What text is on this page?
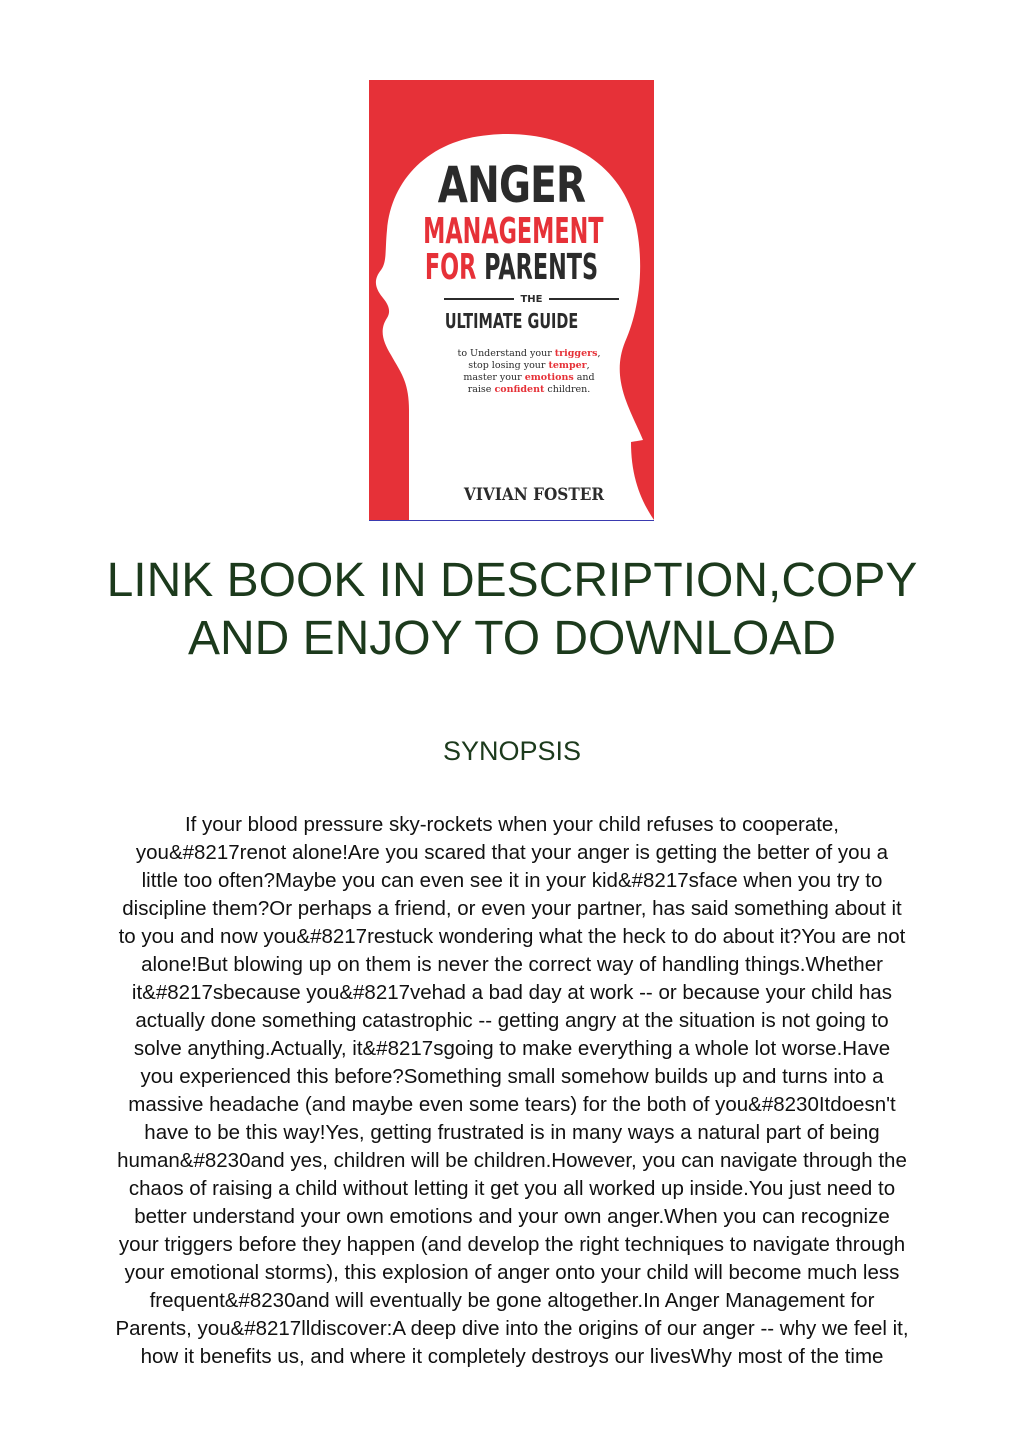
ANGER
MANAGEMENT
FOR PARENTS
THE
ULTIMATE GUIDE
to Understand your triggers,
stop losing your temper,
master your emotions and
raise confident children.
VIVIAN FOSTER
LINK BOOK IN DESCRIPTION,COPY
AND ENJOY TO DOWNLOAD
SYNOPSIS
If your blood pressure sky-rockets when your child refuses to cooperate,
you&#8217renot alone!Are you scared that your anger is getting the better of you a
little too often?Maybe you can even see it in your kid&#8217sface when you try to
discipline them?Or perhaps a friend, or even your partner, has said something about it
to you and now you&#8217restuck wondering what the heck to do about it?You are not
alone!But blowing up on them is never the correct way of handling things.Whether
it&#8217sbecause you&#8217vehad a bad day at work -- or because your child has
actually done something catastrophic -- getting angry at the situation is not going to
solve anything.Actually, it&#8217sgoing to make everything a whole lot worse.Have
you experienced this before?Something small somehow builds up and turns into a
massive headache (and maybe even some tears) for the both of you&#8230Itdoesn't
have to be this way!Yes, getting frustrated is in many ways a natural part of being
human&#8230and yes, children will be children.However, you can navigate through the
chaos of raising a child without letting it get you all worked up inside.You just need to
better understand your own emotions and your own anger.When you can recognize
your triggers before they happen (and develop the right techniques to navigate through
your emotional storms), this explosion of anger onto your child will become much less
frequent&#8230and will eventually be gone altogether.In Anger Management for
Parents, you&#8217lldiscover:A deep dive into the origins of our anger -- why we feel it,
how it benefits us, and where it completely destroys our livesWhy most of the time
